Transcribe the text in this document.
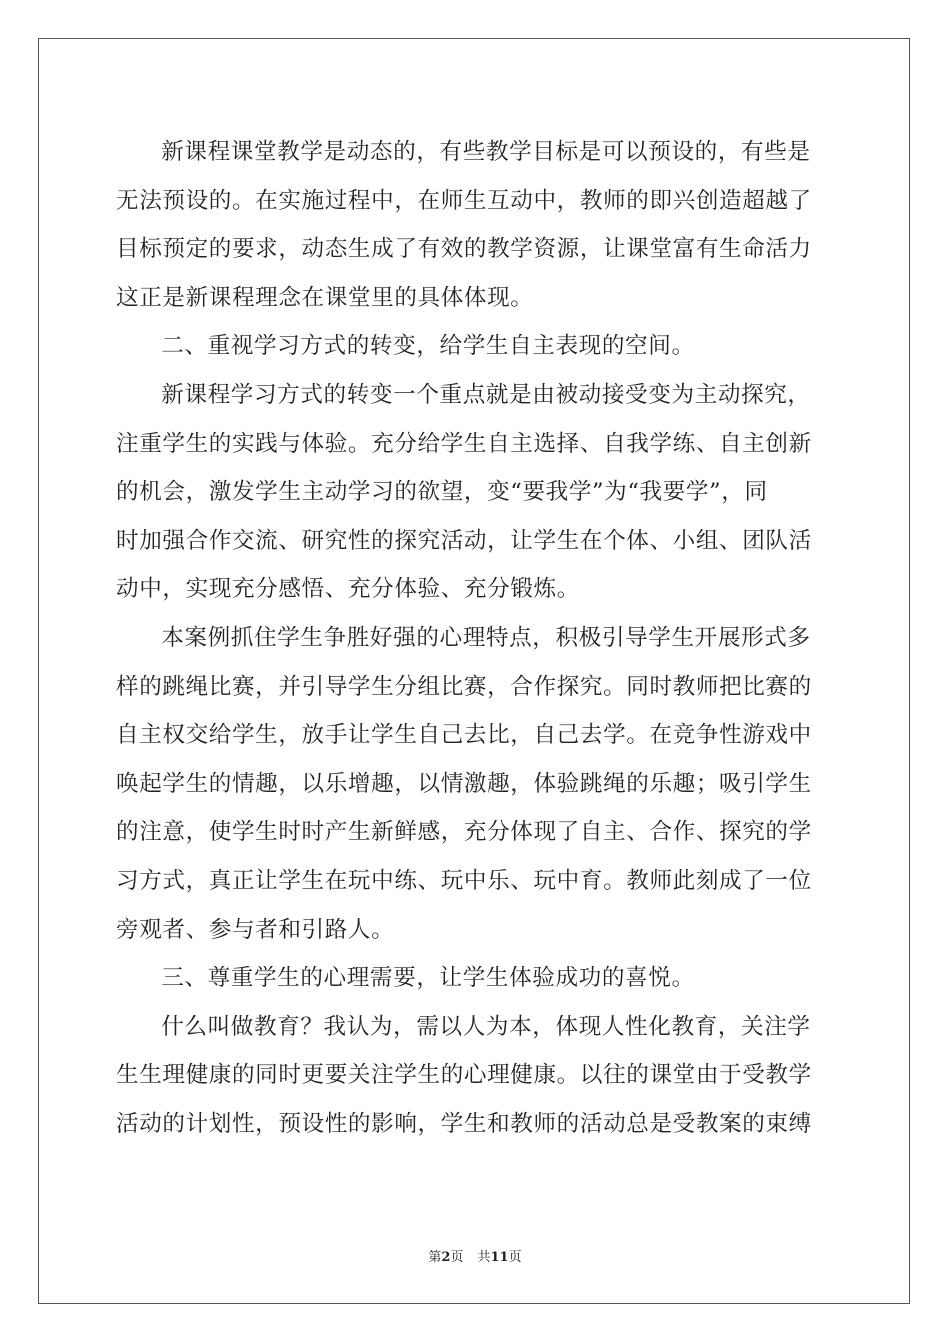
新课程课堂教学是动态的，有些教学目标是可以预设的，有些是
无法预设的。在实施过程中，在师生互动中，教师的即兴创造超越了
目标预定的要求，动态生成了有效的教学资源，让课堂富有生命活力
这正是新课程理念在课堂里的具体体现。

二、重视学习方式的转变，给学生自主表现的空间。

新课程学习方式的转变一个重点就是由被动接受变为主动探究，
注重学生的实践与体验。充分给学生自主选择、自我学练、自主创新
的机会，激发学生主动学习的欲望，变“要我学”为“我要学”，同
时加强合作交流、研究性的探究活动，让学生在个体、小组、团队活
动中，实现充分感悟、充分体验、充分锻炼。

本案例抓住学生争胜好强的心理特点，积极引导学生开展形式多
样的跳绳比赛，并引导学生分组比赛，合作探究。同时教师把比赛的
自主权交给学生，放手让学生自己去比，自己去学。在竞争性游戏中
唤起学生的情趣，以乐增趣，以情激趣，体验跳绳的乐趣；吸引学生
的注意，使学生时时产生新鲜感，充分体现了自主、合作、探究的学
习方式，真正让学生在玩中练、玩中乐、玩中育。教师此刻成了一位
旁观者、参与者和引路人。

三、尊重学生的心理需要，让学生体验成功的喜悦。

什么叫做教育？我认为，需以人为本，体现人性化教育，关注学
生生理健康的同时更要关注学生的心理健康。以往的课堂由于受教学
活动的计划性，预设性的影响，学生和教师的活动总是受教案的束缚

第2页 共11页
